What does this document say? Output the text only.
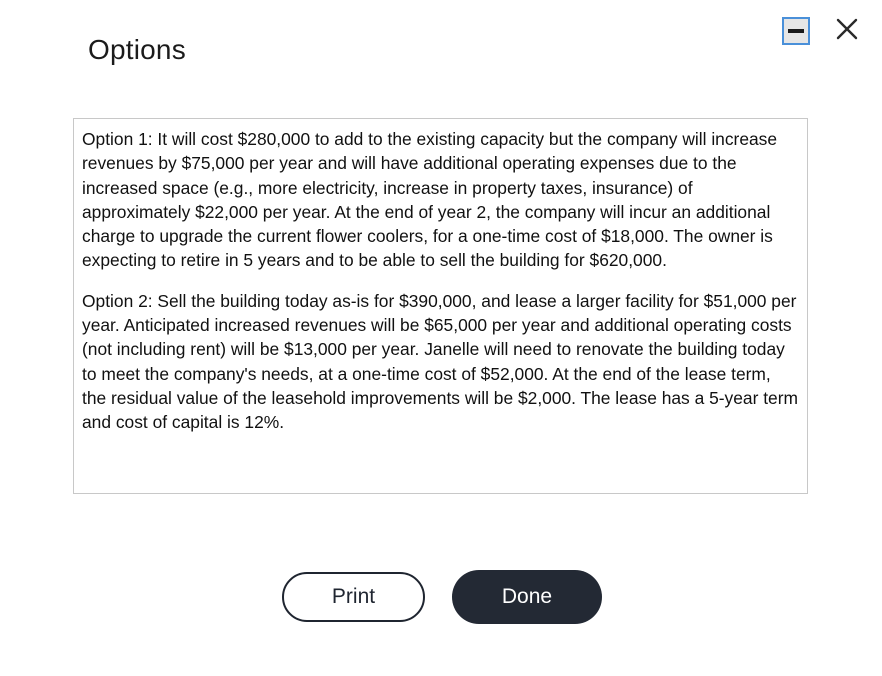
Options

Option 1: It will cost $280,000 to add to the existing capacity but the company will increase revenues by $75,000 per year and will have additional operating expenses due to the increased space (e.g., more electricity, increase in property taxes, insurance) of approximately $22,000 per year. At the end of year 2, the company will incur an additional charge to upgrade the current flower coolers, for a one-time cost of $18,000. The owner is expecting to retire in 5 years and to be able to sell the building for $620,000.

Option 2: Sell the building today as-is for $390,000, and lease a larger facility for $51,000 per year. Anticipated increased revenues will be $65,000 per year and additional operating costs (not including rent) will be $13,000 per year. Janelle will need to renovate the building today to meet the company's needs, at a one-time cost of $52,000. At the end of the lease term, the residual value of the leasehold improvements will be $2,000. The lease has a 5-year term and cost of capital is 12%.

Print	Done
